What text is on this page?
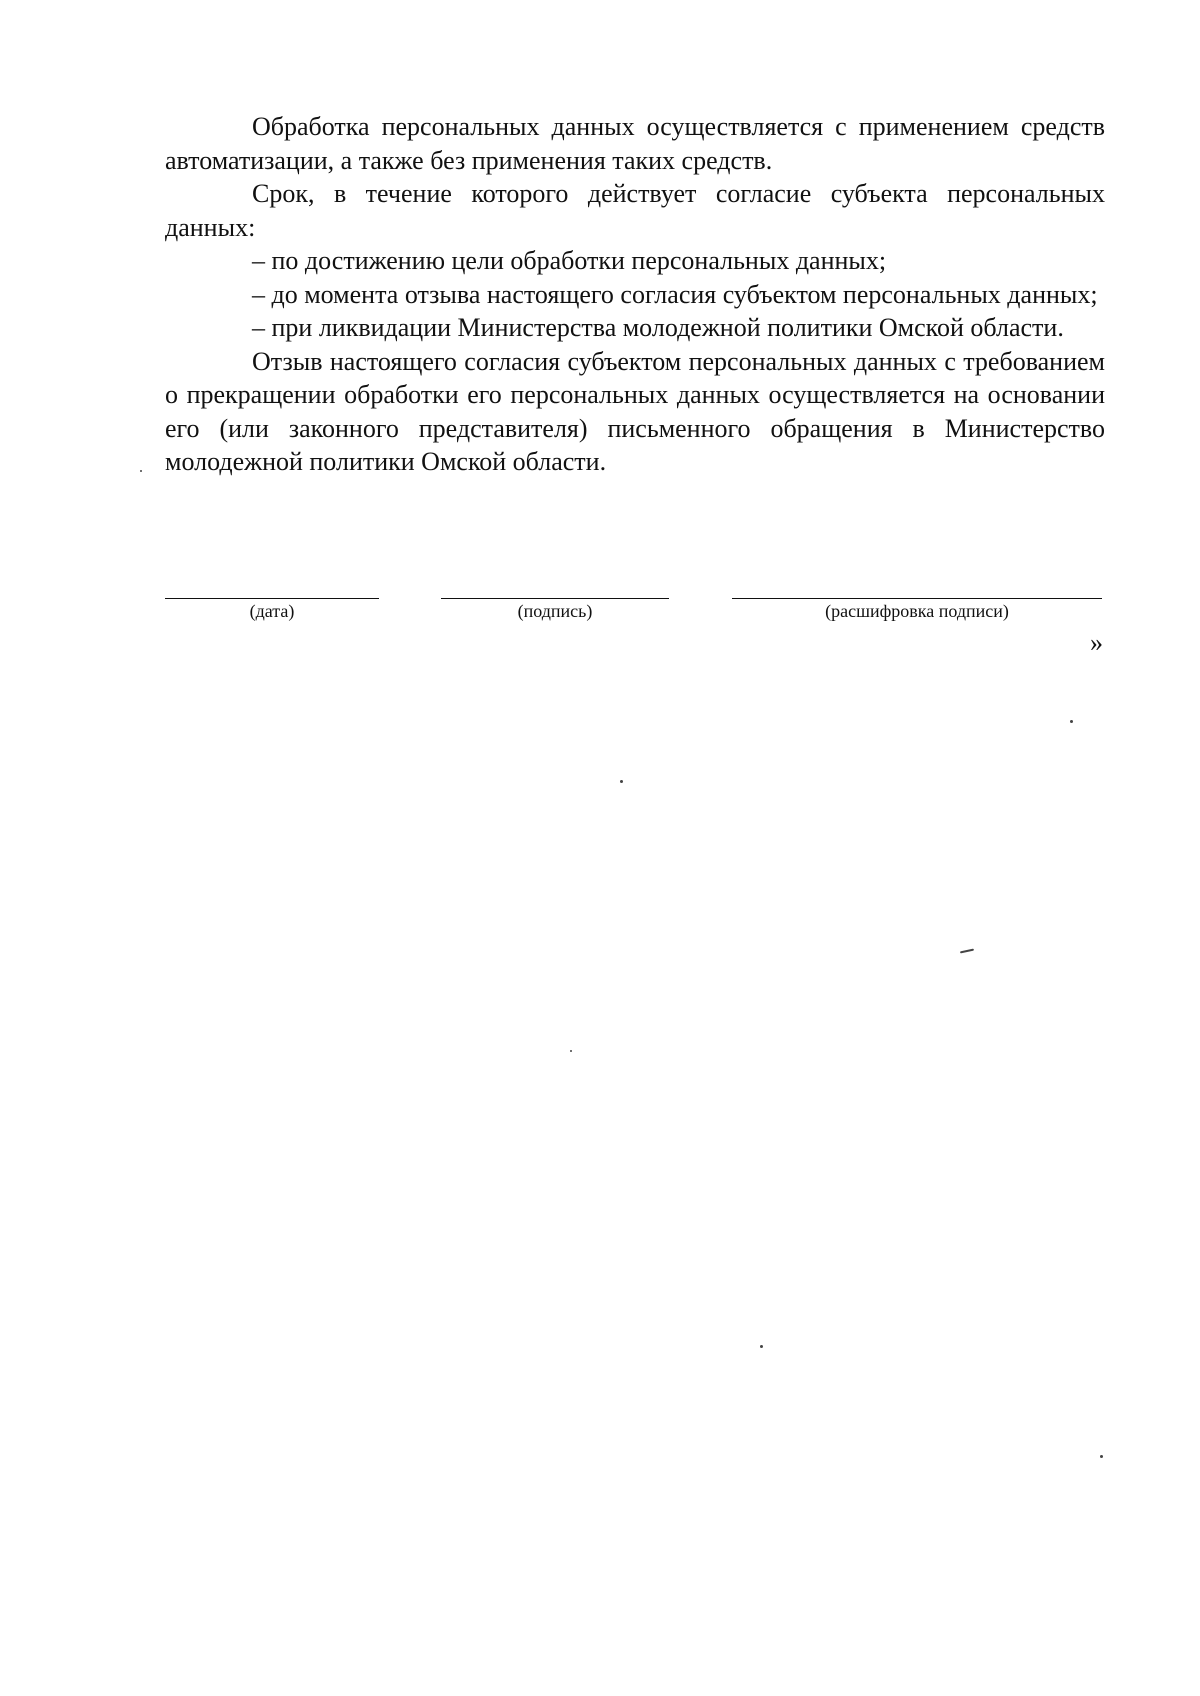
Обработка персональных данных осуществляется с применением средств автоматизации, а также без применения таких средств.

Срок, в течение которого действует согласие субъекта персональных данных:

– по достижению цели обработки персональных данных;

– до момента отзыва настоящего согласия субъектом персональных данных;

– при ликвидации Министерства молодежной политики Омской области.

Отзыв настоящего согласия субъектом персональных данных с требованием о прекращении обработки его персональных данных осуществляется на основании его (или законного представителя) письменного обращения в Министерство молодежной политики Омской области.

(дата)	(подпись)	(расшифровка подписи)
»
